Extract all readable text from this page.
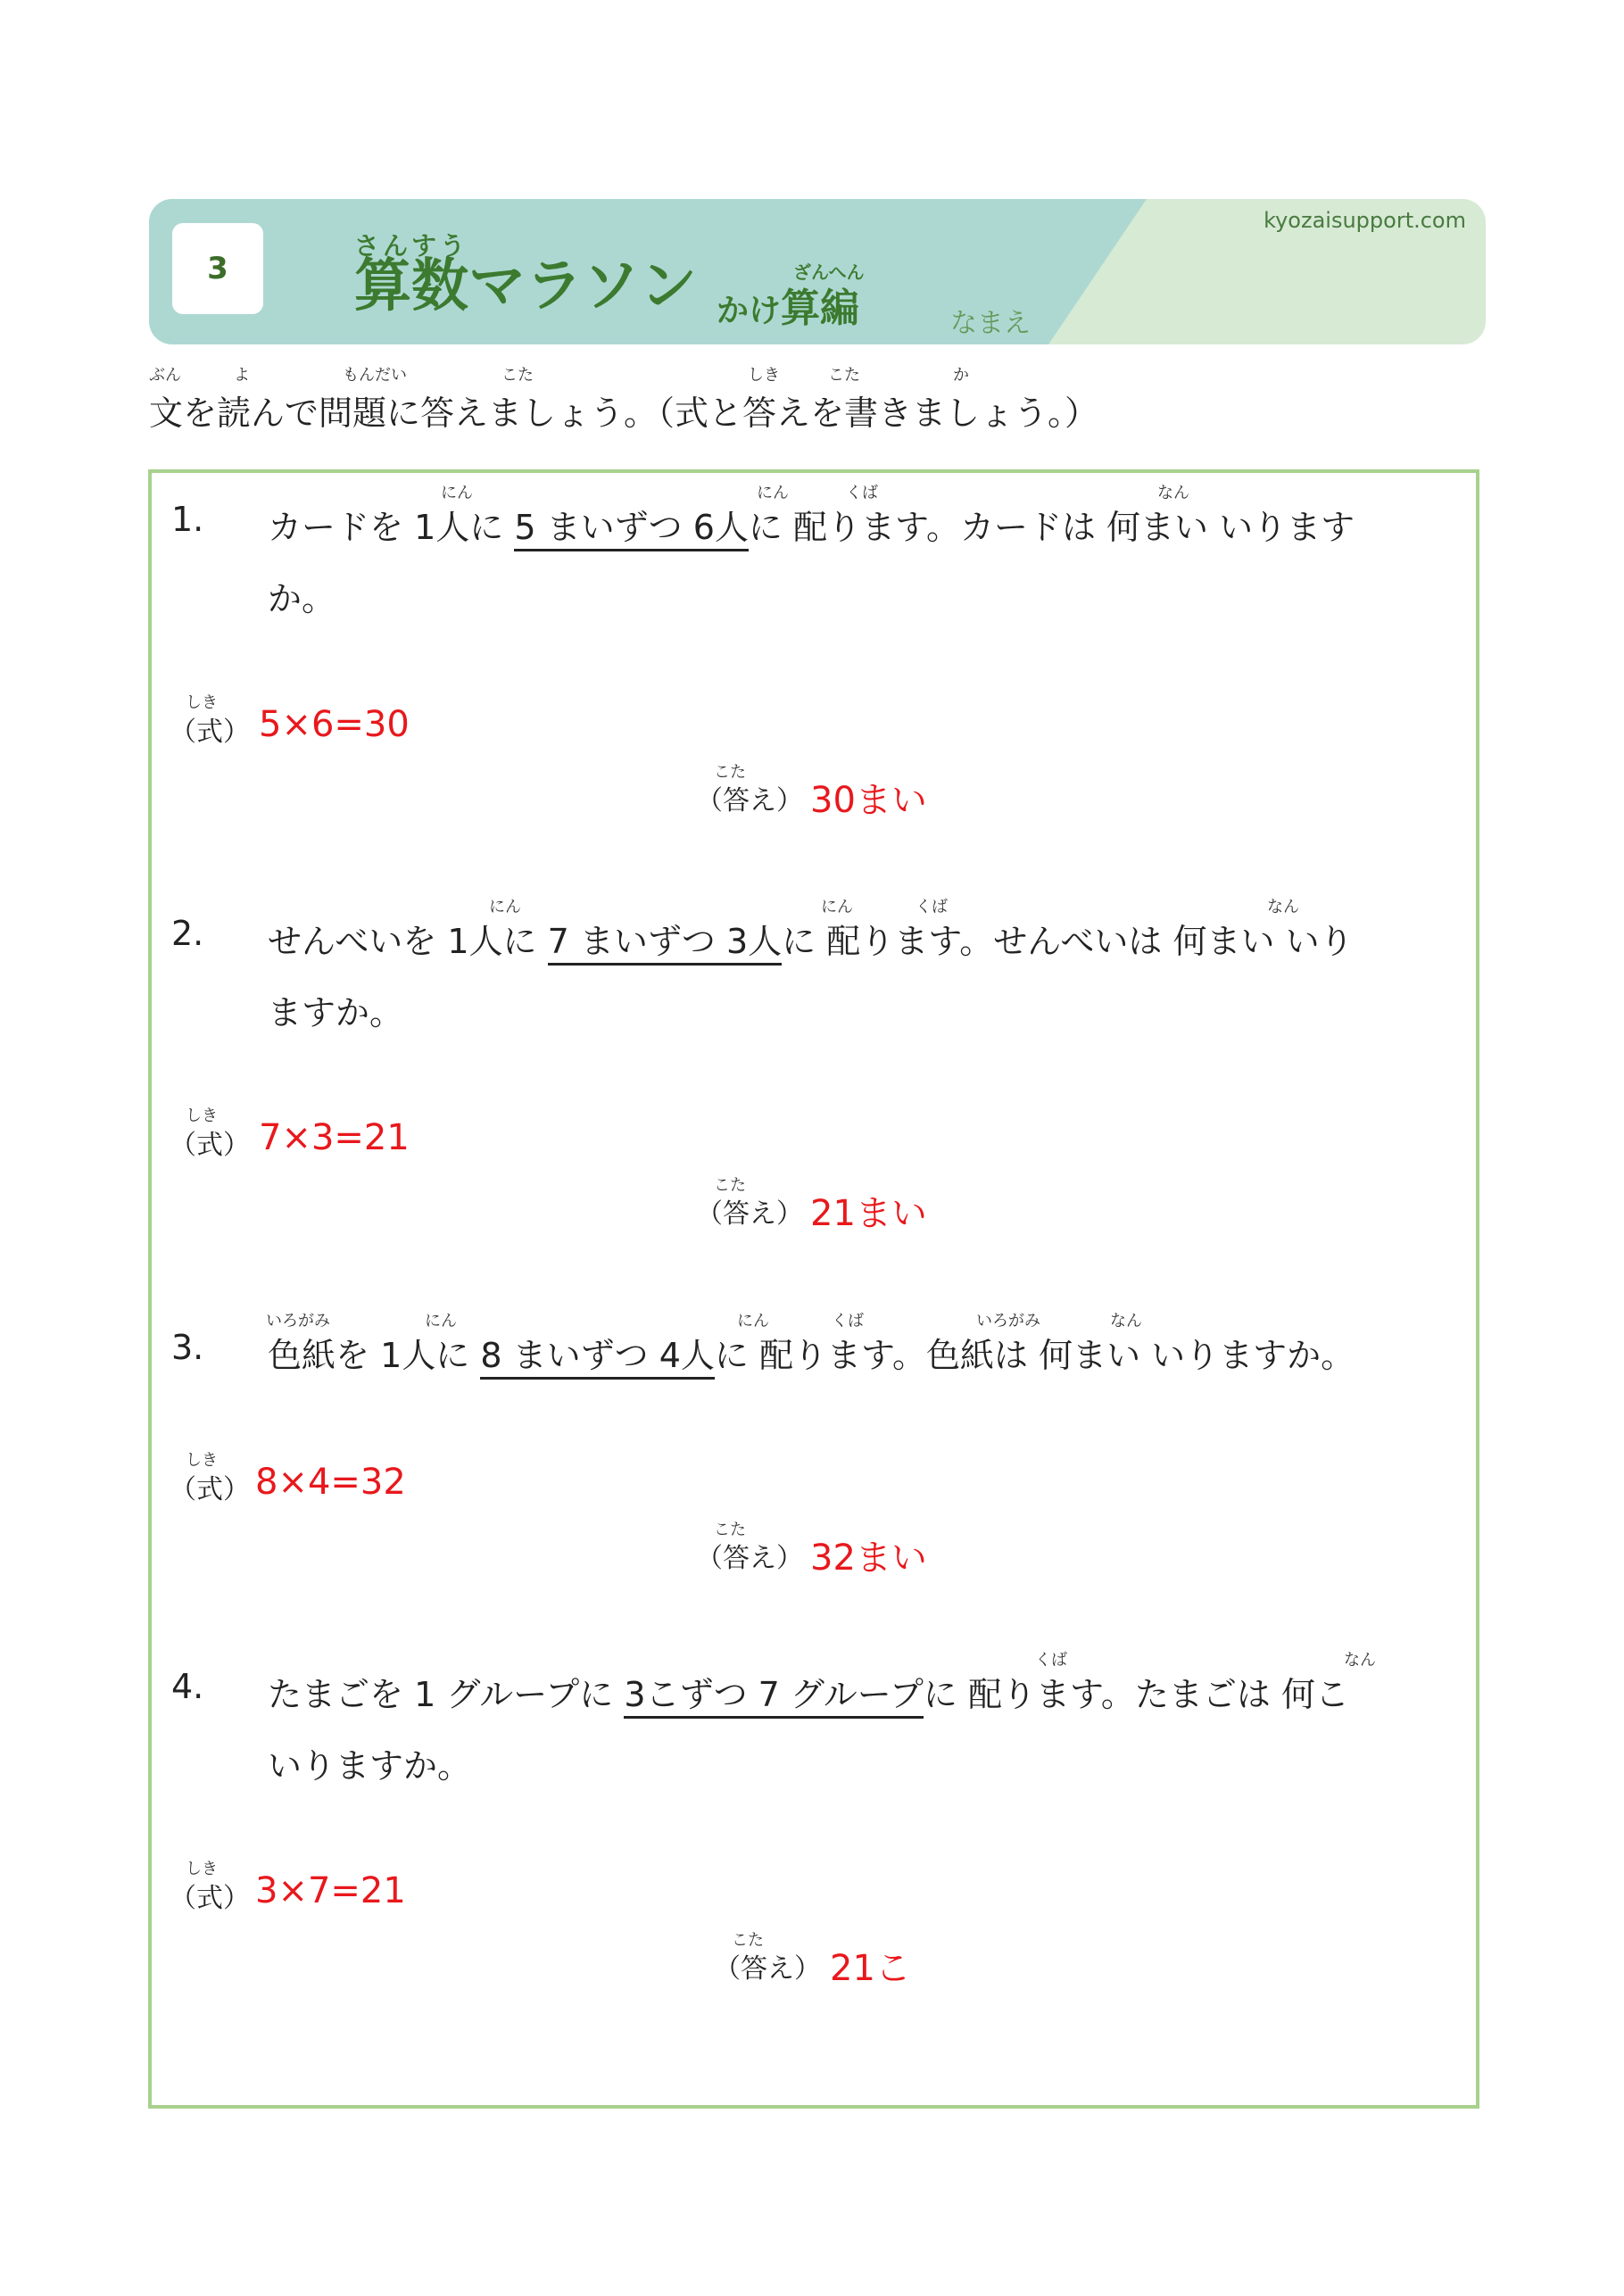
3
さんすう
算数マラソン	ざんへん
かけ算編
kyozaisupport.com
なまえ
ぶん	よ	もんだい	こた	しき	こた	か
文を読んで問題に答えましょう。（式と答えを書きましょう。）
にん	にん	くば	なん
1. カードを 1人に 5 まいずつ 6人に 配ります。カードは 何まい いります
か。
しき
（式） 5×6=30
こた
（答え） 30まい
にん	にん	くば	なん
2. せんべいを 1人に 7 まいずつ 3人に 配ります。せんべいは 何まい いり
ますか。
しき
（式） 7×3=21
こた
（答え） 21まい
いろがみ	にん	にん	くば	いろがみ	なん
3. 色紙を 1人に 8 まいずつ 4人に 配ります。色紙は 何まい いりますか。
しき
（式） 8×4=32
こた
（答え） 32まい
くば	なん
4. たまごを 1 グループに 3こずつ 7 グループに 配ります。たまごは 何こ
いりますか。
しき
（式） 3×7=21
こた
（答え） 21こ
